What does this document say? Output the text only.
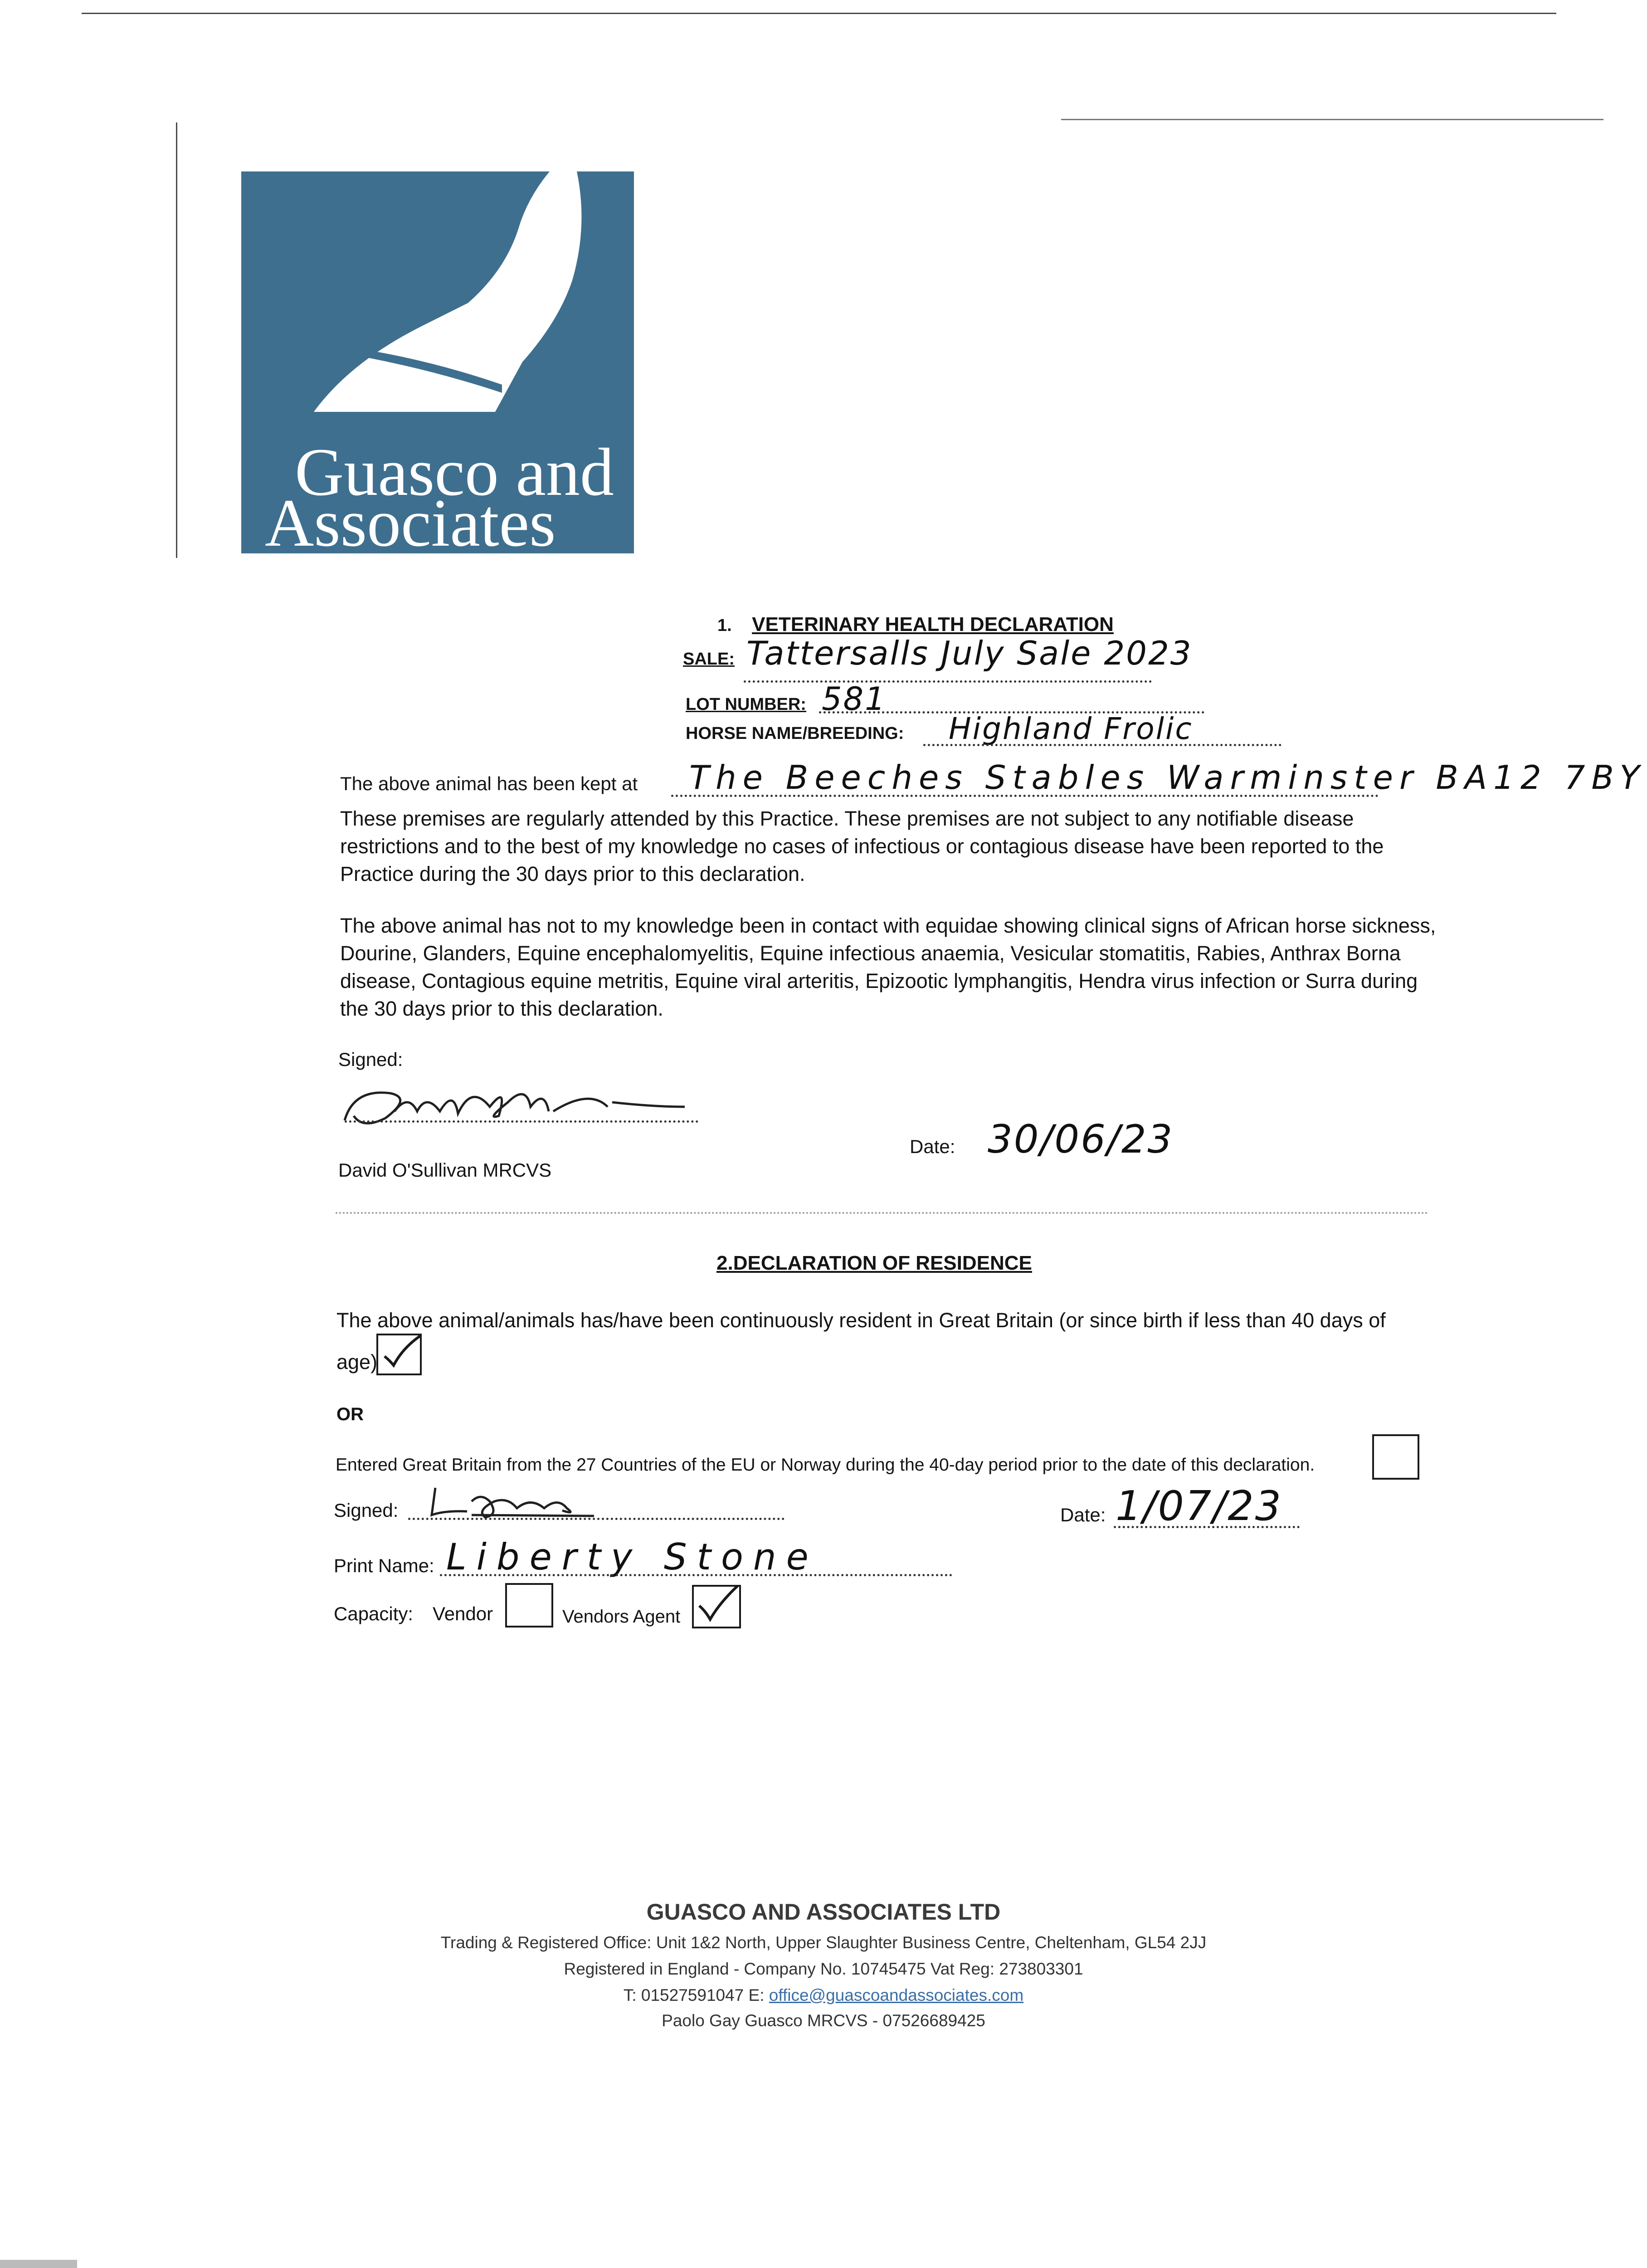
Guasco and
Associates
1. VETERINARY HEALTH DECLARATION
SALE: Tattersalls July Sale 2023
LOT NUMBER: 581
HORSE NAME/BREEDING: Highland Frolic
The above animal has been kept at The Beeches Stables Warminster BA12 7BY
These premises are regularly attended by this Practice. These premises are not subject to any notifiable disease restrictions and to the best of my knowledge no cases of infectious or contagious disease have been reported to the Practice during the 30 days prior to this declaration.
The above animal has not to my knowledge been in contact with equidae showing clinical signs of African horse sickness, Dourine, Glanders, Equine encephalomyelitis, Equine infectious anaemia, Vesicular stomatitis, Rabies, Anthrax Borna disease, Contagious equine metritis, Equine viral arteritis, Epizootic lymphangitis, Hendra virus infection or Surra during the 30 days prior to this declaration.
Signed:
David O'Sullivan MRCVS
Date: 30/06/23
2.DECLARATION OF RESIDENCE
The above animal/animals has/have been continuously resident in Great Britain (or since birth if less than 40 days of
age)
OR
Entered Great Britain from the 27 Countries of the EU or Norway during the 40-day period prior to the date of this declaration.
Signed:	Date: 1/07/23
Print Name: Liberty Stone
Capacity: Vendor	Vendors Agent
GUASCO AND ASSOCIATES LTD
Trading & Registered Office: Unit 1&2 North, Upper Slaughter Business Centre, Cheltenham, GL54 2JJ
Registered in England - Company No. 10745475 Vat Reg: 273803301
T: 01527591047 E: office@guascoandassociates.com
Paolo Gay Guasco MRCVS - 07526689425
